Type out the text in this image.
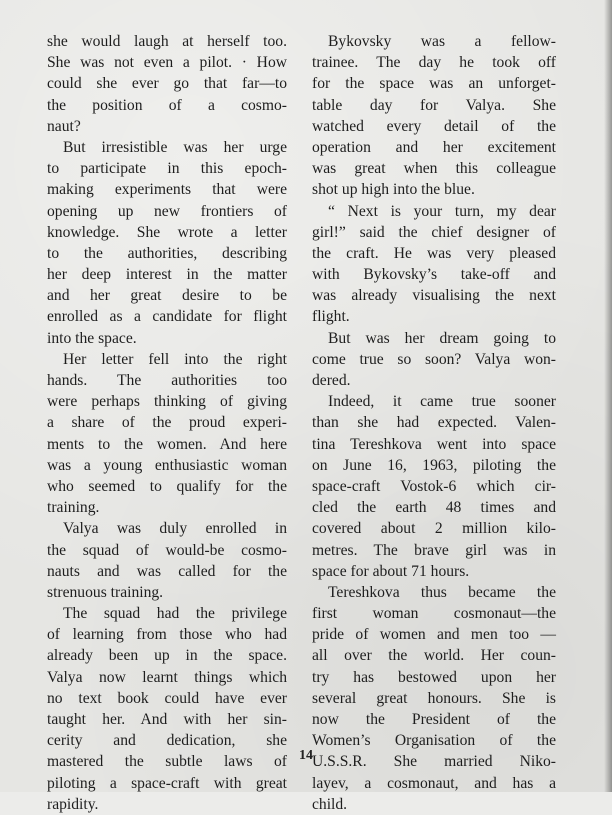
she would laugh at herself too.
She was not even a pilot. · How
could she ever go that far—to
the position of a cosmo-
naut?
But irresistible was her urge
to participate in this epoch-
making experiments that were
opening up new frontiers of
knowledge. She wrote a letter
to the authorities, describing
her deep interest in the matter
and her great desire to be
enrolled as a candidate for flight
into the space.
Her letter fell into the right
hands. The authorities too
were perhaps thinking of giving
a share of the proud experi-
ments to the women. And here
was a young enthusiastic woman
who seemed to qualify for the
training.
Valya was duly enrolled in
the squad of would-be cosmo-
nauts and was called for the
strenuous training.
The squad had the privilege
of learning from those who had
already been up in the space.
Valya now learnt things which
no text book could have ever
taught her. And with her sin-
cerity and dedication, she
mastered the subtle laws of
piloting a space-craft with great
rapidity.
Bykovsky was a fellow-
trainee. The day he took off
for the space was an unforget-
table day for Valya. She
watched every detail of the
operation and her excitement
was great when this colleague
shot up high into the blue.
“ Next is your turn, my dear
girl!” said the chief designer of
the craft. He was very pleased
with Bykovsky’s take-off and
was already visualising the next
flight.
But was her dream going to
come true so soon? Valya won-
dered.
Indeed, it came true sooner
than she had expected. Valen-
tina Tereshkova went into space
on June 16, 1963, piloting the
space-craft Vostok-6 which cir-
cled the earth 48 times and
covered about 2 million kilo-
metres. The brave girl was in
space for about 71 hours.
Tereshkova thus became the
first woman cosmonaut—the
pride of women and men too —
all over the world. Her coun-
try has bestowed upon her
several great honours. She is
now the President of the
Women’s Organisation of the
U.S.S.R. She married Niko-
layev, a cosmonaut, and has a
child.
14
